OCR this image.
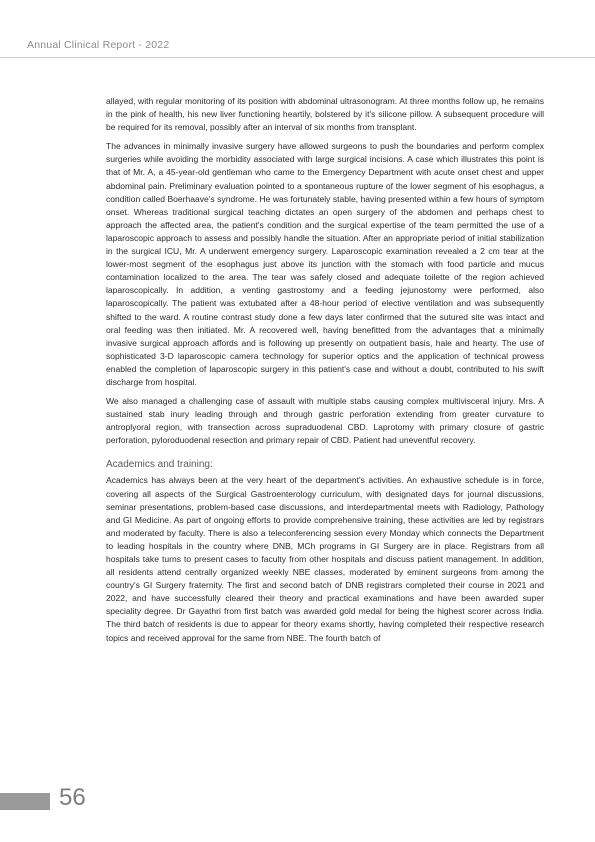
Annual Clinical Report - 2022

allayed, with regular monitoring of its position with abdominal ultrasonogram. At three months follow up, he remains in the pink of health, his new liver functioning heartily, bolstered by it's silicone pillow. A subsequent procedure will be required for its removal, possibly after an interval of six months from transplant.

The advances in minimally invasive surgery have allowed surgeons to push the boundaries and perform complex surgeries while avoiding the morbidity associated with large surgical incisions. A case which illustrates this point is that of Mr. A, a 45-year-old gentleman who came to the Emergency Department with acute onset chest and upper abdominal pain. Preliminary evaluation pointed to a spontaneous rupture of the lower segment of his esophagus, a condition called Boerhaave's syndrome. He was fortunately stable, having presented within a few hours of symptom onset. Whereas traditional surgical teaching dictates an open surgery of the abdomen and perhaps chest to approach the affected area, the patient's condition and the surgical expertise of the team permitted the use of a laparoscopic approach to assess and possibly handle the situation. After an appropriate period of initial stabilization in the surgical ICU, Mr. A underwent emergency surgery. Laparoscopic examination revealed a 2 cm tear at the lower-most segment of the esophagus just above its junction with the stomach with food particle and mucus contamination localized to the area. The tear was safely closed and adequate toilette of the region achieved laparoscopically. In addition, a venting gastrostomy and a feeding jejunostomy were performed, also laparoscopically. The patient was extubated after a 48-hour period of elective ventilation and was subsequently shifted to the ward. A routine contrast study done a few days later confirmed that the sutured site was intact and oral feeding was then initiated. Mr. A recovered well, having benefitted from the advantages that a minimally invasive surgical approach affords and is following up presently on outpatient basis, hale and hearty. The use of sophisticated 3-D laparoscopic camera technology for superior optics and the application of technical prowess enabled the completion of laparoscopic surgery in this patient's case and without a doubt, contributed to his swift discharge from hospital.

We also managed a challenging case of assault with multiple stabs causing complex multivisceral injury. Mrs. A sustained stab inury leading through and through gastric perforation extending from greater curvature to antroplyoral region, with transection across supraduodenal CBD. Laprotomy with primary closure of gastric perforation, pyloroduodenal resection and primary repair of CBD. Patient had uneventful recovery.

Academics and training:

Academics has always been at the very heart of the department's activities. An exhaustive schedule is in force, covering all aspects of the Surgical Gastroenterology curriculum, with designated days for journal discussions, seminar presentations, problem-based case discussions, and interdepartmental meets with Radiology, Pathology and GI Medicine. As part of ongoing efforts to provide comprehensive training, these activities are led by registrars and moderated by faculty. There is also a teleconferencing session every Monday which connects the Department to leading hospitals in the country where DNB, MCh programs in GI Surgery are in place. Registrars from all hospitals take turns to present cases to faculty from other hospitals and discuss patient management. In addition, all residents attend centrally organized weekly NBE classes, moderated by eminent surgeons from among the country's GI Surgery fraternity. The first and second batch of DNB registrars completed their course in 2021 and 2022, and have successfully cleared their theory and practical examinations and have been awarded super speciality degree. Dr Gayathri from first batch was awarded gold medal for being the highest scorer across India. The third batch of residents is due to appear for theory exams shortly, having completed their respective research topics and received approval for the same from NBE. The fourth batch of

56
